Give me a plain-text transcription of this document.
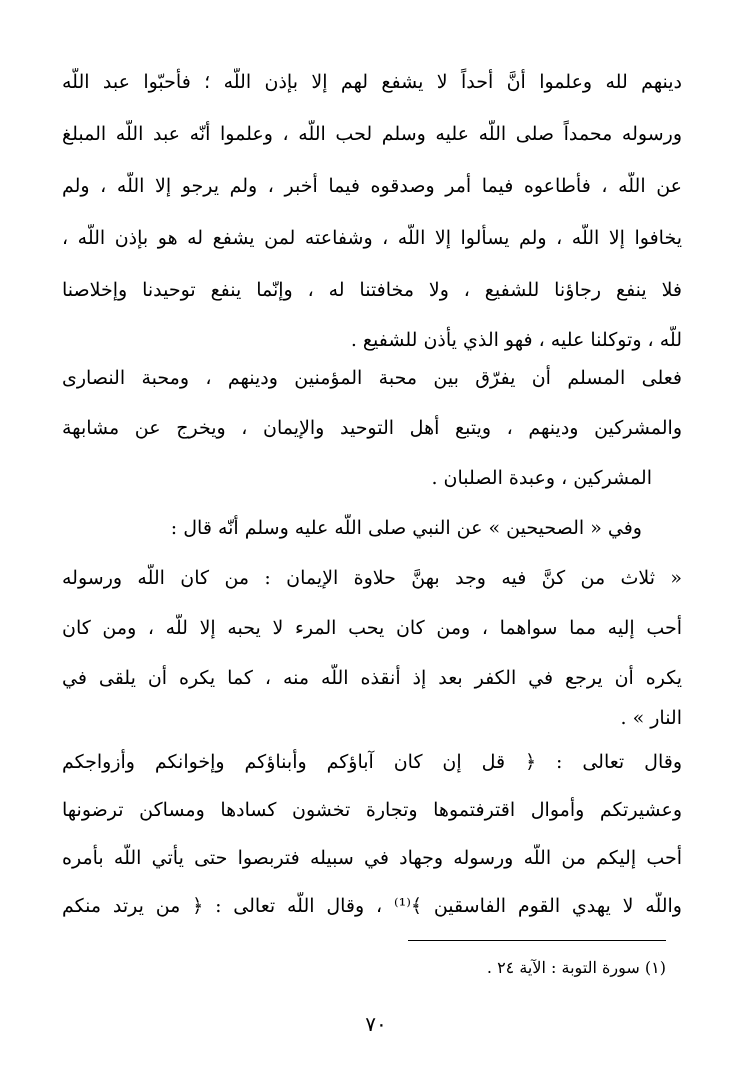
دينهم لله وعلموا أنَّ أحداً لا يشفع لهم إلا بإذن اللّه ؛ فأحبّوا عبد اللّه
ورسوله محمداً صلى اللّه عليه وسلم لحب اللّه ، وعلموا أنّه عبد اللّه المبلغ
عن اللّه ، فأطاعوه فيما أمر وصدقوه فيما أخبر ، ولم يرجو إلا اللّه ، ولم
يخافوا إلا اللّه ، ولم يسألوا إلا اللّه ، وشفاعته لمن يشفع له هو بإذن اللّه ،
فلا ينفع رجاؤنا للشفيع ، ولا مخافتنا له ، وإنّما ينفع توحيدنا وإخلاصنا
للّه ، وتوكلنا عليه ، فهو الذي يأذن للشفيع .
فعلى المسلم أن يفرّق بين محبة المؤمنين ودينهم ، ومحبة النصارى
والمشركين ودينهم ، ويتبع أهل التوحيد والإيمان ، ويخرج عن مشابهة
المشركين ، وعبدة الصلبان .
وفي « الصحيحين » عن النبي صلى اللّه عليه وسلم أنّه قال :
« ثلاث من كنَّ فيه وجد بهنَّ حلاوة الإيمان : من كان اللّه ورسوله
أحب إليه مما سواهما ، ومن كان يحب المرء لا يحبه إلا للّه ، ومن كان
يكره أن يرجع في الكفر بعد إذ أنقذه اللّه منه ، كما يكره أن يلقى في
النار » .
وقال تعالى : ﴿ قل إن كان آباؤكم وأبناؤكم وإخوانكم وأزواجكم
وعشيرتكم وأموال اقترفتموها وتجارة تخشون كسادها ومساكن ترضونها
أحب إليكم من اللّه ورسوله وجهاد في سبيله فتربصوا حتى يأتي اللّه بأمره
واللّه لا يهدي القوم الفاسقين ﴾⁽¹⁾ ، وقال اللّه تعالى : ﴿ من يرتد منكم
(١) سورة التوبة : الآية ٢٤ .
٧٠
